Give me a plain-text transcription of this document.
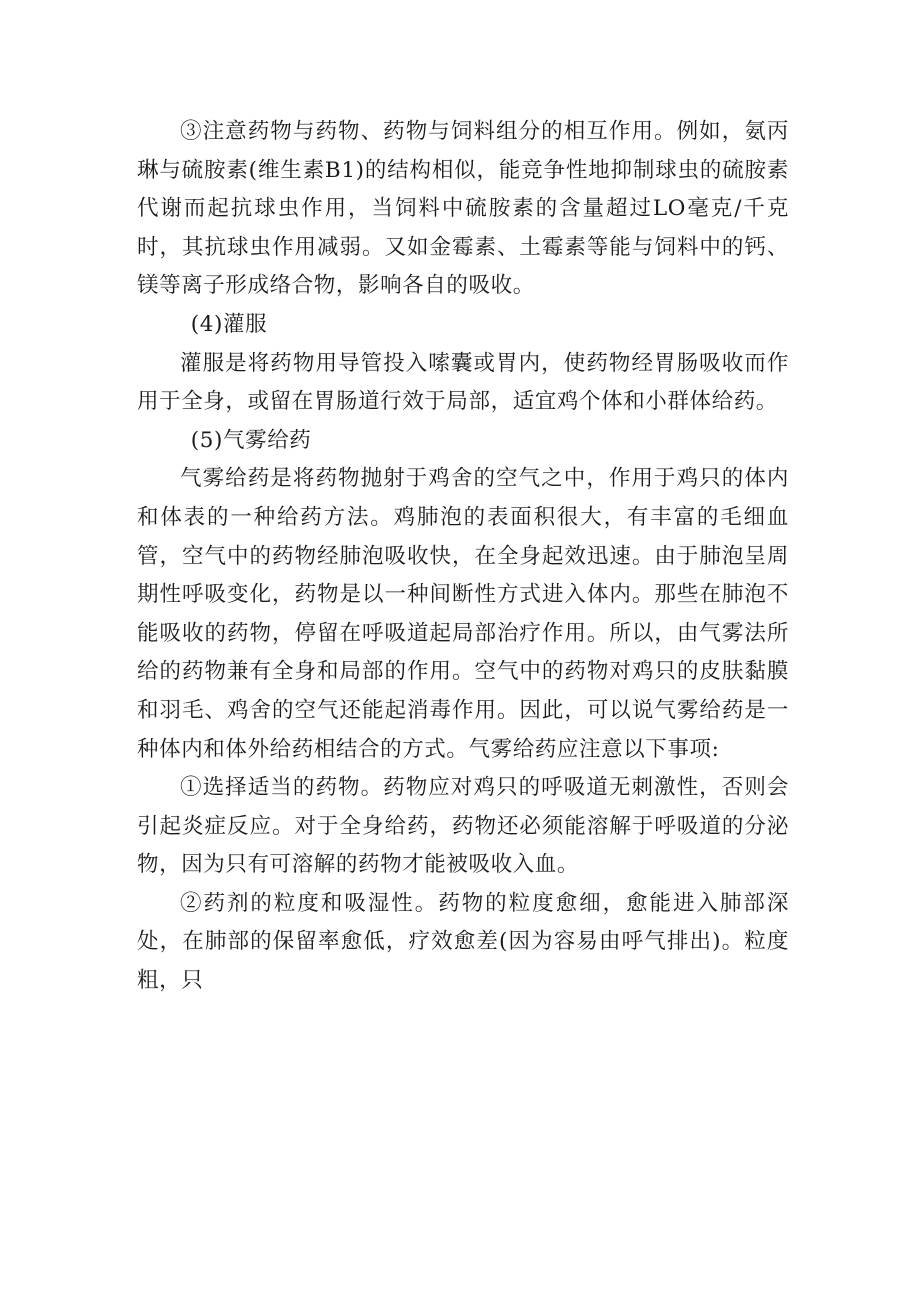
③注意药物与药物、药物与饲料组分的相互作用。例如，氨丙琳与硫胺素(维生素B1)的结构相似，能竞争性地抑制球虫的硫胺素代谢而起抗球虫作用，当饲料中硫胺素的含量超过LO毫克/千克时，其抗球虫作用减弱。又如金霉素、土霉素等能与饲料中的钙、镁等离子形成络合物，影响各自的吸收。

(4)灌服

灌服是将药物用导管投入嗦囊或胃内，使药物经胃肠吸收而作用于全身，或留在胃肠道行效于局部，适宜鸡个体和小群体给药。

(5)气雾给药

气雾给药是将药物抛射于鸡舍的空气之中，作用于鸡只的体内和体表的一种给药方法。鸡肺泡的表面积很大，有丰富的毛细血管，空气中的药物经肺泡吸收快，在全身起效迅速。由于肺泡呈周期性呼吸变化，药物是以一种间断性方式进入体内。那些在肺泡不能吸收的药物，停留在呼吸道起局部治疗作用。所以，由气雾法所给的药物兼有全身和局部的作用。空气中的药物对鸡只的皮肤黏膜和羽毛、鸡舍的空气还能起消毒作用。因此，可以说气雾给药是一种体内和体外给药相结合的方式。气雾给药应注意以下事项:

①选择适当的药物。药物应对鸡只的呼吸道无刺激性，否则会引起炎症反应。对于全身给药，药物还必须能溶解于呼吸道的分泌物，因为只有可溶解的药物才能被吸收入血。

②药剂的粒度和吸湿性。药物的粒度愈细，愈能进入肺部深处，在肺部的保留率愈低，疗效愈差(因为容易由呼气排出)。粒度粗，只
